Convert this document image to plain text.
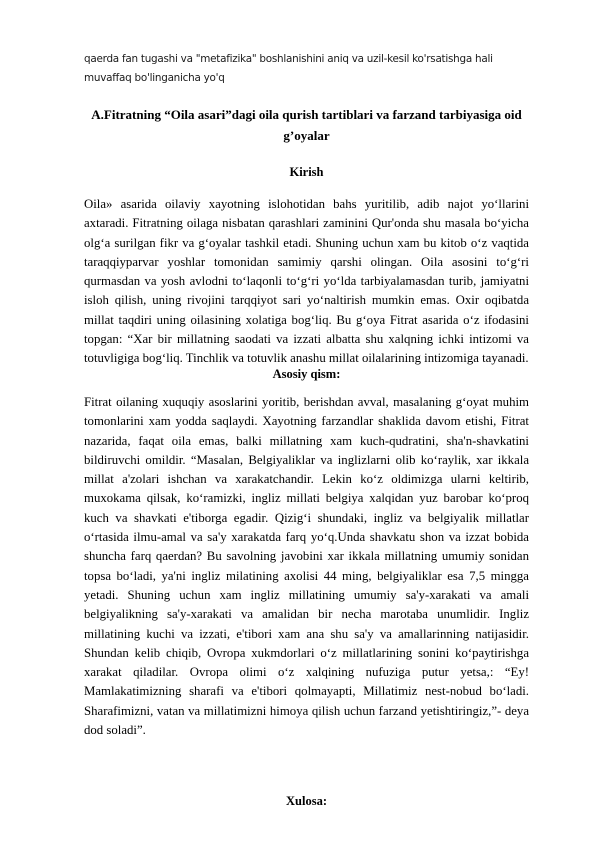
qaerda fan tugashi va "metafizika" boshlanishini aniq va uzil-kesil ko'rsatishga hali muvaffaq bo'linganicha yo'q
A.Fitratning “Oila asari”dagi oila qurish tartiblari va farzand tarbiyasiga oid g’oyalar
Kirish

Oila» asarida oilaviy xayotning islohotidan bahs yuritilib, adib najot yo‘llarini axtaradi. Fitratning oilaga nisbatan qarashlari zaminini Qur'onda shu masala bo‘yicha olg‘a surilgan fikr va g‘oyalar tashkil etadi. Shuning uchun xam bu kitob o‘z vaqtida taraqqiyparvar yoshlar tomonidan samimiy qarshi olingan. Oila asosini to‘g‘ri qurmasdan va yosh avlodni to‘laqonli to‘g‘ri yo‘lda tarbiyalamasdan turib, jamiyatni isloh qilish, uning rivojini tarqqiyot sari yo‘naltirish mumkin emas. Oxir oqibatda millat taqdiri uning oilasining xolatiga bog‘liq. Bu g‘oya Fitrat asarida o‘z ifodasini topgan: “Xar bir millatning saodati va izzati albatta shu xalqning ichki intizomi va totuvligiga bog‘liq. Tinchlik va totuvlik anashu millat oilalarining intizomiga tayanadi.

Asosiy qism:

Fitrat oilaning xuquqiy asoslarini yoritib, berishdan avval, masalaning g‘oyat muhim tomonlarini xam yodda saqlaydi. Xayotning farzandlar shaklida davom etishi, Fitrat nazarida, faqat oila emas, balki millatning xam kuch-qudratini, sha'n-shavkatini bildiruvchi omildir. “Masalan, Belgiyaliklar va inglizlarni olib ko‘raylik, xar ikkala millat a'zolari ishchan va xarakatchandir. Lekin ko‘z oldimizga ularni keltirib, muxokama qilsak, ko‘ramizki, ingliz millati belgiya xalqidan yuz barobar ko‘proq kuch va shavkati e'tiborga egadir. Qizig‘i shundaki, ingliz va belgiyalik millatlar o‘rtasida ilmu-amal va sa'y xarakatda farq yo‘q.Unda shavkatu shon va izzat bobida shuncha farq qaerdan? Bu savolning javobini xar ikkala millatning umumiy sonidan topsa bo‘ladi, ya'ni ingliz milatining axolisi 44 ming, belgiyaliklar esa 7,5 mingga yetadi. Shuning uchun xam ingliz millatining umumiy sa'y-xarakati va amali belgiyalikning sa'y-xarakati va amalidan bir necha marotaba unumlidir. Ingliz millatining kuchi va izzati, e'tibori xam ana shu sa'y va amallarinning natijasidir. Shundan kelib chiqib, Ovropa xukmdorlari o‘z millatlarining sonini ko‘paytirishga xarakat qiladilar. Ovropa olimi o‘z xalqining nufuziga putur yetsa,: “Ey! Mamlakatimizning sharafi va e'tibori qolmayapti, Millatimiz nest-nobud bo‘ladi. Sharafimizni, vatan va millatimizni himoya qilish uchun farzand yetishtiringiz,”- deya dod soladi”.

Xulosa:
